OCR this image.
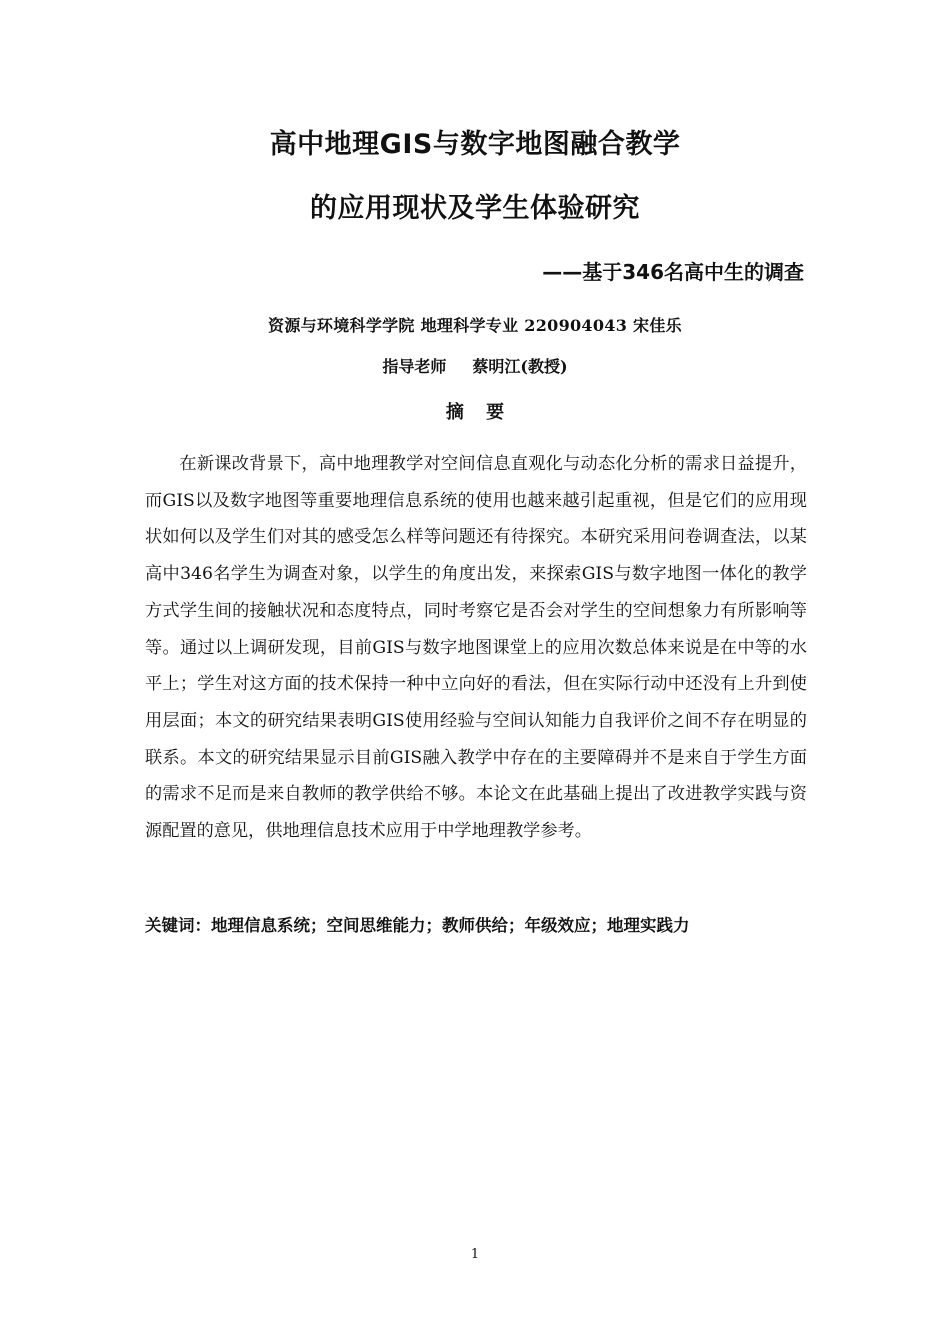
高中地理GIS与数字地图融合教学
的应用现状及学生体验研究
——基于346名高中生的调查
资源与环境科学学院 地理科学专业 220904043 宋佳乐
指导老师 蔡明江(教授)
摘 要

在新课改背景下，高中地理教学对空间信息直观化与动态化分析的需求日益提升，而GIS以及数字地图等重要地理信息系统的使用也越来越引起重视，但是它们的应用现状如何以及学生们对其的感受怎么样等问题还有待探究。本研究采用问卷调查法，以某高中346名学生为调查对象，以学生的角度出发，来探索GIS与数字地图一体化的教学方式学生间的接触状况和态度特点，同时考察它是否会对学生的空间想象力有所影响等等。通过以上调研发现，目前GIS与数字地图课堂上的应用次数总体来说是在中等的水平上；学生对这方面的技术保持一种中立向好的看法，但在实际行动中还没有上升到使用层面；本文的研究结果表明GIS使用经验与空间认知能力自我评价之间不存在明显的联系。本文的研究结果显示目前GIS融入教学中存在的主要障碍并不是来自于学生方面的需求不足而是来自教师的教学供给不够。本论文在此基础上提出了改进教学实践与资源配置的意见，供地理信息技术应用于中学地理教学参考。

关键词：地理信息系统；空间思维能力；教师供给；年级效应；地理实践力
1
